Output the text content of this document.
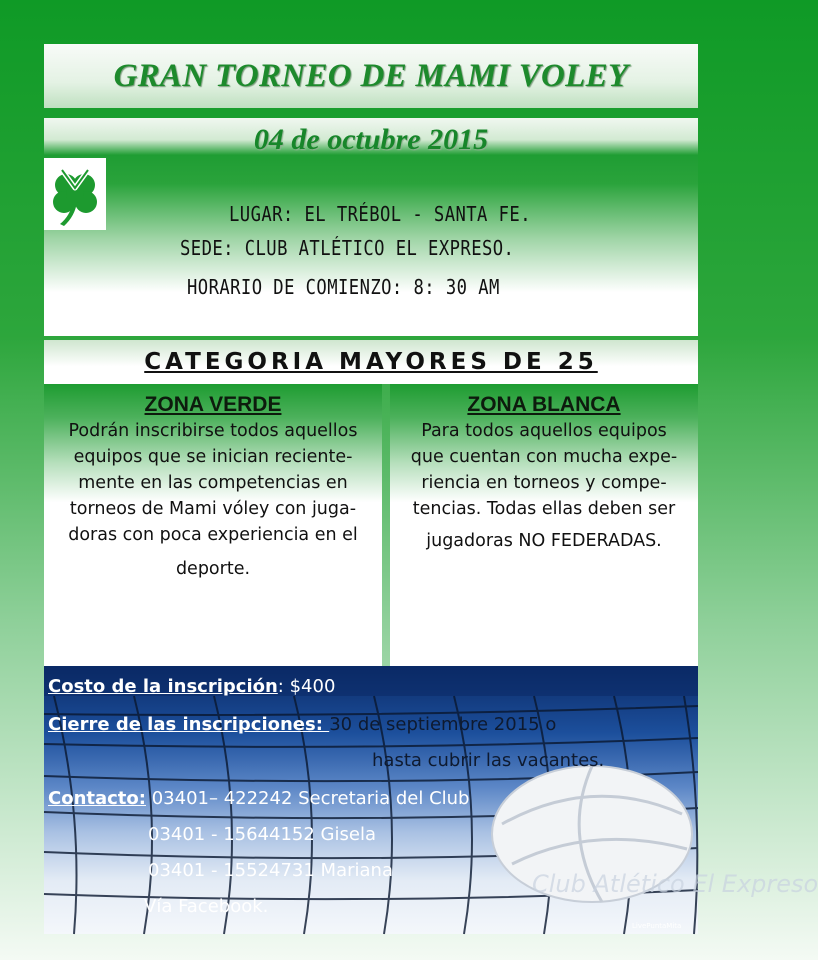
GRAN TORNEO DE MAMI VOLEY
04 de octubre 2015
LUGAR: EL TRÉBOL - SANTA FE.
SEDE: CLUB ATLÉTICO EL EXPRESO.
HORARIO DE COMIENZO: 8: 30 AM
CATEGORIA MAYORES DE 25
ZONA VERDE
Podrán inscribirse todos aquellos
equipos que se inician reciente-
mente en las competencias en
torneos de Mami vóley con juga-
doras con poca experiencia en el
deporte.
ZONA BLANCA
Para todos aquellos equipos
que cuentan con mucha expe-
riencia en torneos y compe-
tencias. Todas ellas deben ser
jugadoras NO FEDERADAS.
Costo de la inscripción: $400
Cierre de las inscripciones: 30 de septiembre 2015 o
hasta cubrir las vacantes.
Contacto: 03401– 422242 Secretaria del Club
03401 - 15644152 Gisela
03401 - 15524731 Mariana
Vía Facebook.
Club Atlético El Expreso
LivePuntaMita
